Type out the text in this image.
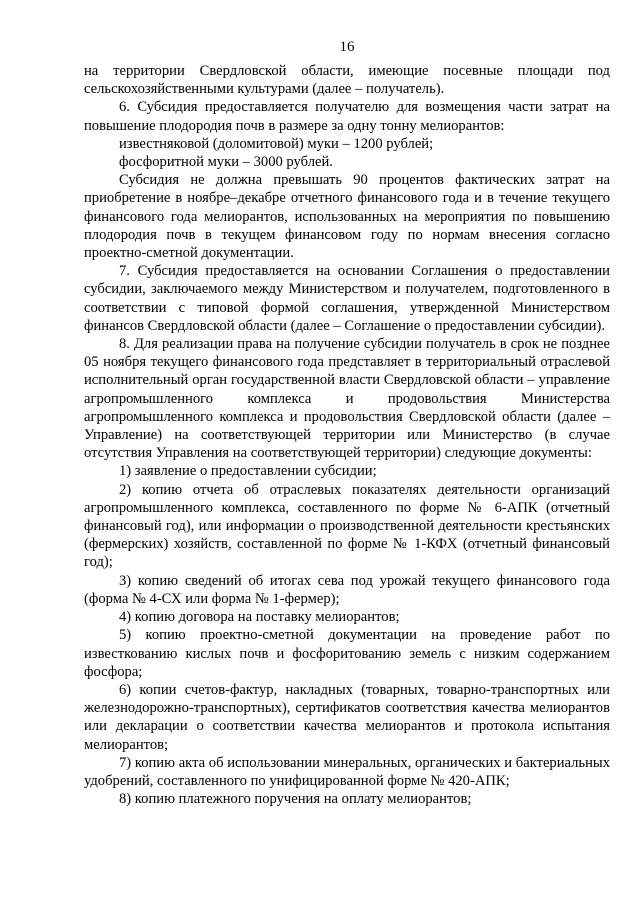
16

на территории Свердловской области, имеющие посевные площади под сельскохозяйственными культурами (далее – получатель).

6. Субсидия предоставляется получателю для возмещения части затрат на повышение плодородия почв в размере за одну тонну мелиорантов:

известняковой (доломитовой) муки – 1200 рублей;

фосфоритной муки – 3000 рублей.

Субсидия не должна превышать 90 процентов фактических затрат на приобретение в ноябре–декабре отчетного финансового года и в течение текущего финансового года мелиорантов, использованных на мероприятия по повышению плодородия почв в текущем финансовом году по нормам внесения согласно проектно-сметной документации.

7. Субсидия предоставляется на основании Соглашения о предоставлении субсидии, заключаемого между Министерством и получателем, подготовленного в соответствии с типовой формой соглашения, утвержденной Министерством финансов Свердловской области (далее – Соглашение о предоставлении субсидии).

8. Для реализации права на получение субсидии получатель в срок не позднее 05 ноября текущего финансового года представляет в территориальный отраслевой исполнительный орган государственной власти Свердловской области – управление агропромышленного комплекса и продовольствия Министерства агропромышленного комплекса и продовольствия Свердловской области (далее – Управление) на соответствующей территории или Министерство (в случае отсутствия Управления на соответствующей территории) следующие документы:

1) заявление о предоставлении субсидии;

2) копию отчета об отраслевых показателях деятельности организаций агропромышленного комплекса, составленного по форме № 6-АПК (отчетный финансовый год), или информации о производственной деятельности крестьянских (фермерских) хозяйств, составленной по форме № 1-КФХ (отчетный финансовый год);

3) копию сведений об итогах сева под урожай текущего финансового года (форма № 4-СХ или форма № 1-фермер);

4) копию договора на поставку мелиорантов;

5) копию проектно-сметной документации на проведение работ по известкованию кислых почв и фосфоритованию земель с низким содержанием фосфора;

6) копии счетов-фактур, накладных (товарных, товарно-транспортных или железнодорожно-транспортных), сертификатов соответствия качества мелиорантов или декларации о соответствии качества мелиорантов и протокола испытания мелиорантов;

7) копию акта об использовании минеральных, органических и бактериальных удобрений, составленного по унифицированной форме № 420-АПК;

8) копию платежного поручения на оплату мелиорантов;
